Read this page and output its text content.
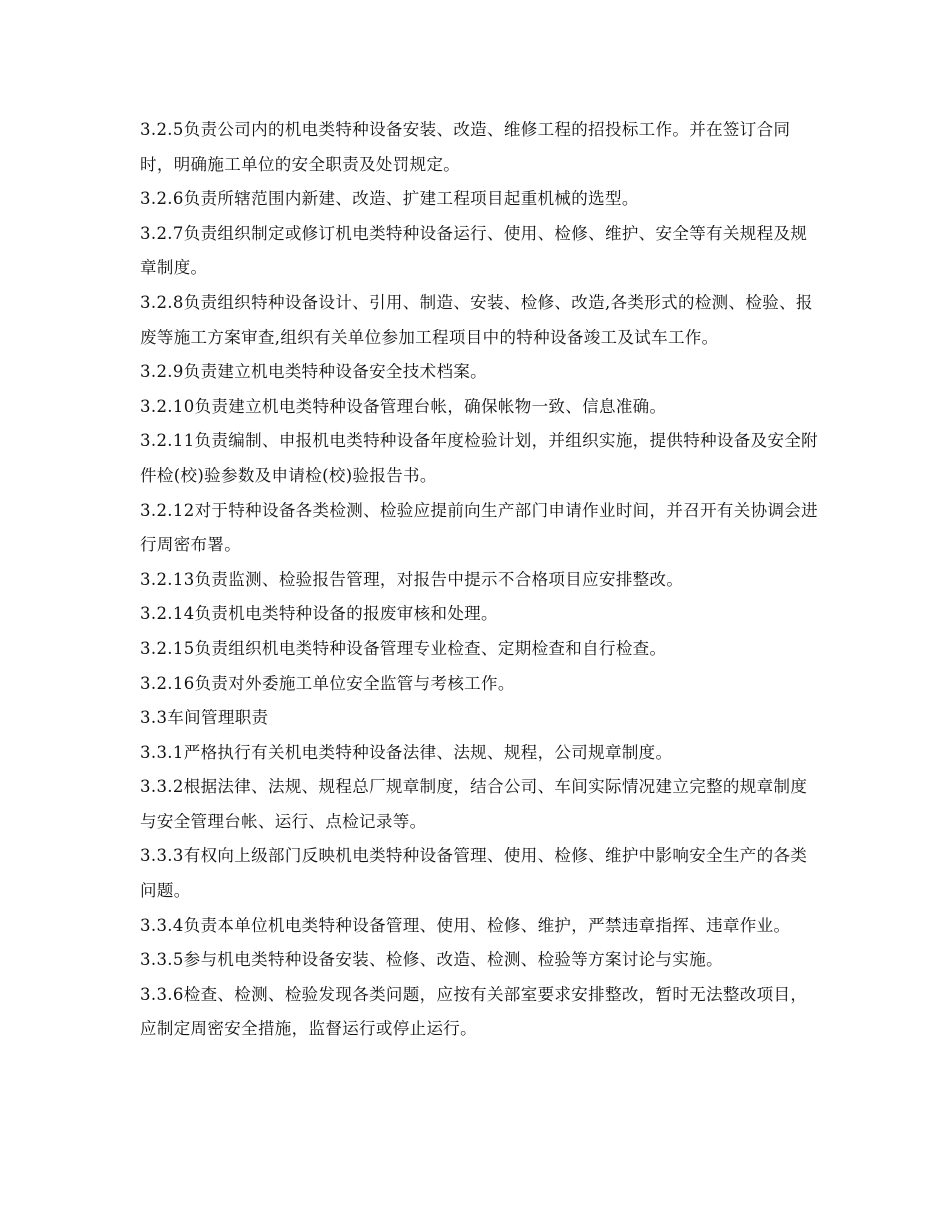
3.2.5负责公司内的机电类特种设备安装、改造、维修工程的招投标工作。并在签订合同时，明确施工单位的安全职责及处罚规定。

3.2.6负责所辖范围内新建、改造、扩建工程项目起重机械的选型。

3.2.7负责组织制定或修订机电类特种设备运行、使用、检修、维护、安全等有关规程及规章制度。

3.2.8负责组织特种设备设计、引用、制造、安装、检修、改造,各类形式的检测、检验、报废等施工方案审查,组织有关单位参加工程项目中的特种设备竣工及试车工作。

3.2.9负责建立机电类特种设备安全技术档案。

3.2.10负责建立机电类特种设备管理台帐，确保帐物一致、信息准确。

3.2.11负责编制、申报机电类特种设备年度检验计划，并组织实施，提供特种设备及安全附件检(校)验参数及申请检(校)验报告书。

3.2.12对于特种设备各类检测、检验应提前向生产部门申请作业时间，并召开有关协调会进行周密布署。

3.2.13负责监测、检验报告管理，对报告中提示不合格项目应安排整改。

3.2.14负责机电类特种设备的报废审核和处理。

3.2.15负责组织机电类特种设备管理专业检查、定期检查和自行检查。

3.2.16负责对外委施工单位安全监管与考核工作。

3.3车间管理职责

3.3.1严格执行有关机电类特种设备法律、法规、规程，公司规章制度。

3.3.2根据法律、法规、规程总厂规章制度，结合公司、车间实际情况建立完整的规章制度与安全管理台帐、运行、点检记录等。

3.3.3有权向上级部门反映机电类特种设备管理、使用、检修、维护中影响安全生产的各类问题。

3.3.4负责本单位机电类特种设备管理、使用、检修、维护，严禁违章指挥、违章作业。

3.3.5参与机电类特种设备安装、检修、改造、检测、检验等方案讨论与实施。

3.3.6检查、检测、检验发现各类问题，应按有关部室要求安排整改，暂时无法整改项目，应制定周密安全措施，监督运行或停止运行。
